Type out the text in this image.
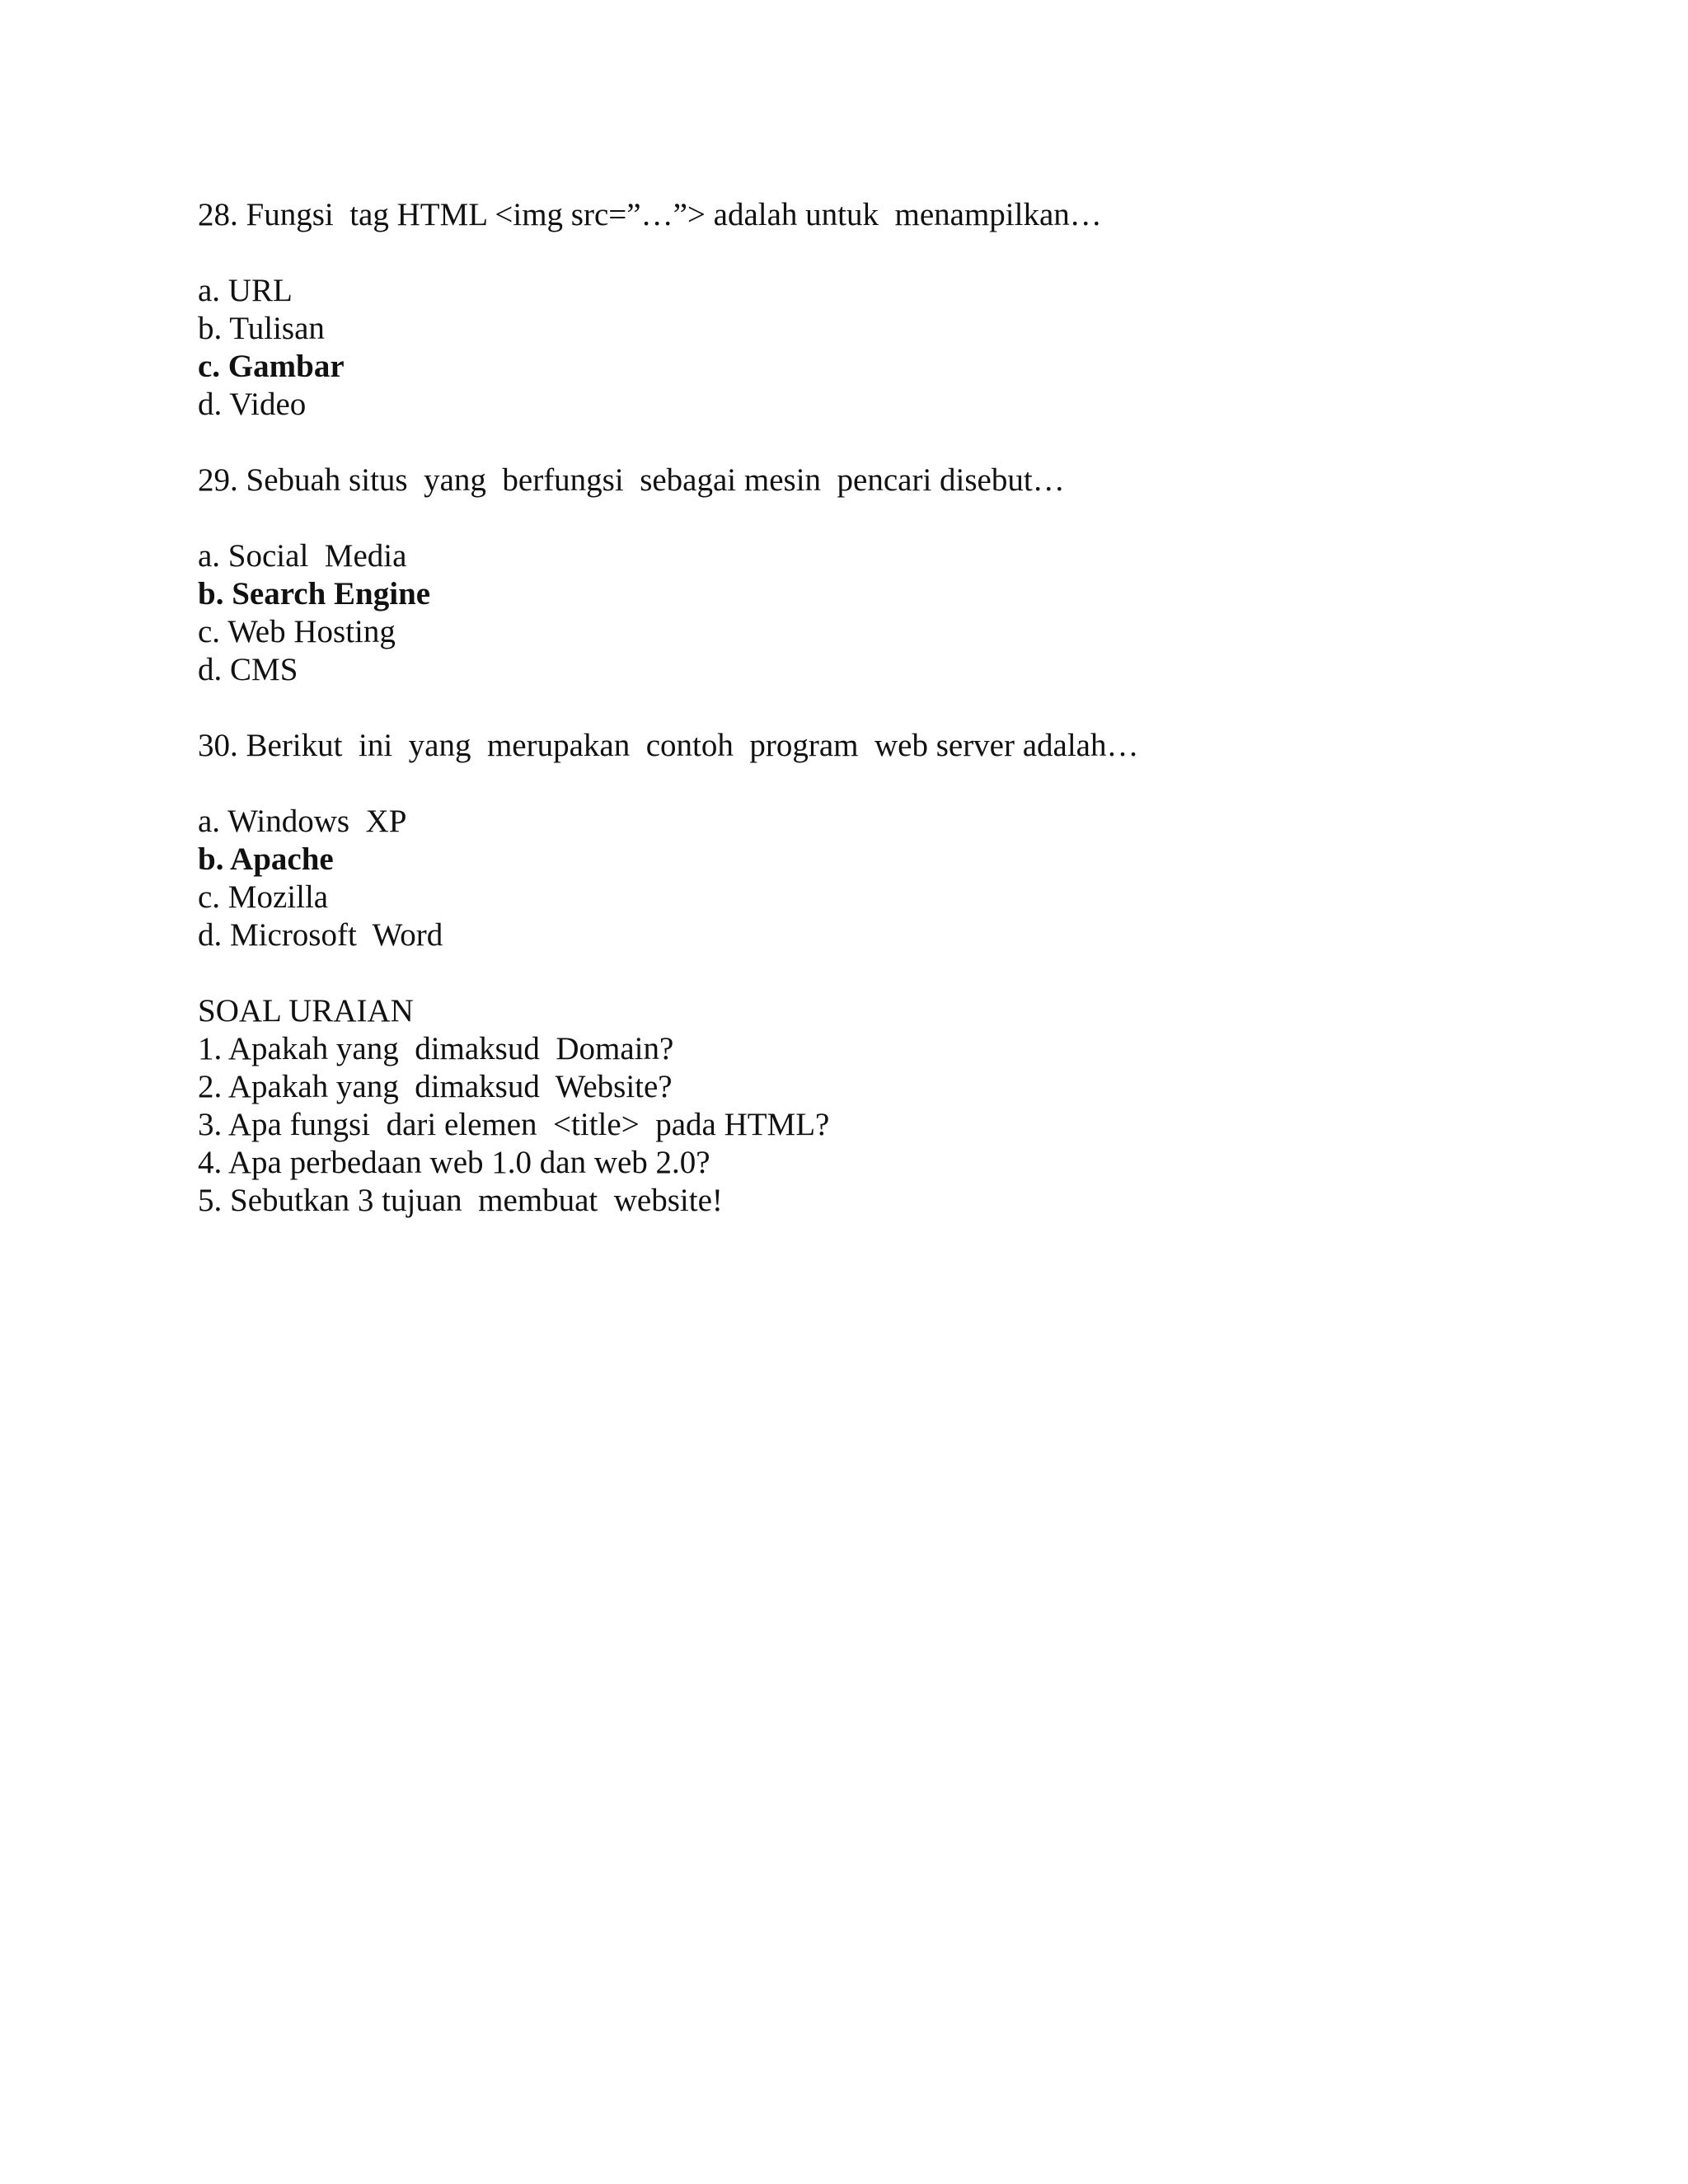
28. Fungsi  tag HTML <img src=”…”> adalah untuk  menampilkan…
a. URL
b. Tulisan
c. Gambar
d. Video
29. Sebuah situs  yang  berfungsi  sebagai mesin  pencari disebut…
a. Social  Media
b. Search Engine
c. Web Hosting
d. CMS
30. Berikut  ini  yang  merupakan  contoh  program  web server adalah…
a. Windows  XP
b. Apache
c. Mozilla
d. Microsoft  Word
SOAL URAIAN
1. Apakah yang  dimaksud  Domain?
2. Apakah yang  dimaksud  Website?
3. Apa fungsi  dari elemen  <title>  pada HTML?
4. Apa perbedaan web 1.0 dan web 2.0?
5. Sebutkan 3 tujuan  membuat  website!
